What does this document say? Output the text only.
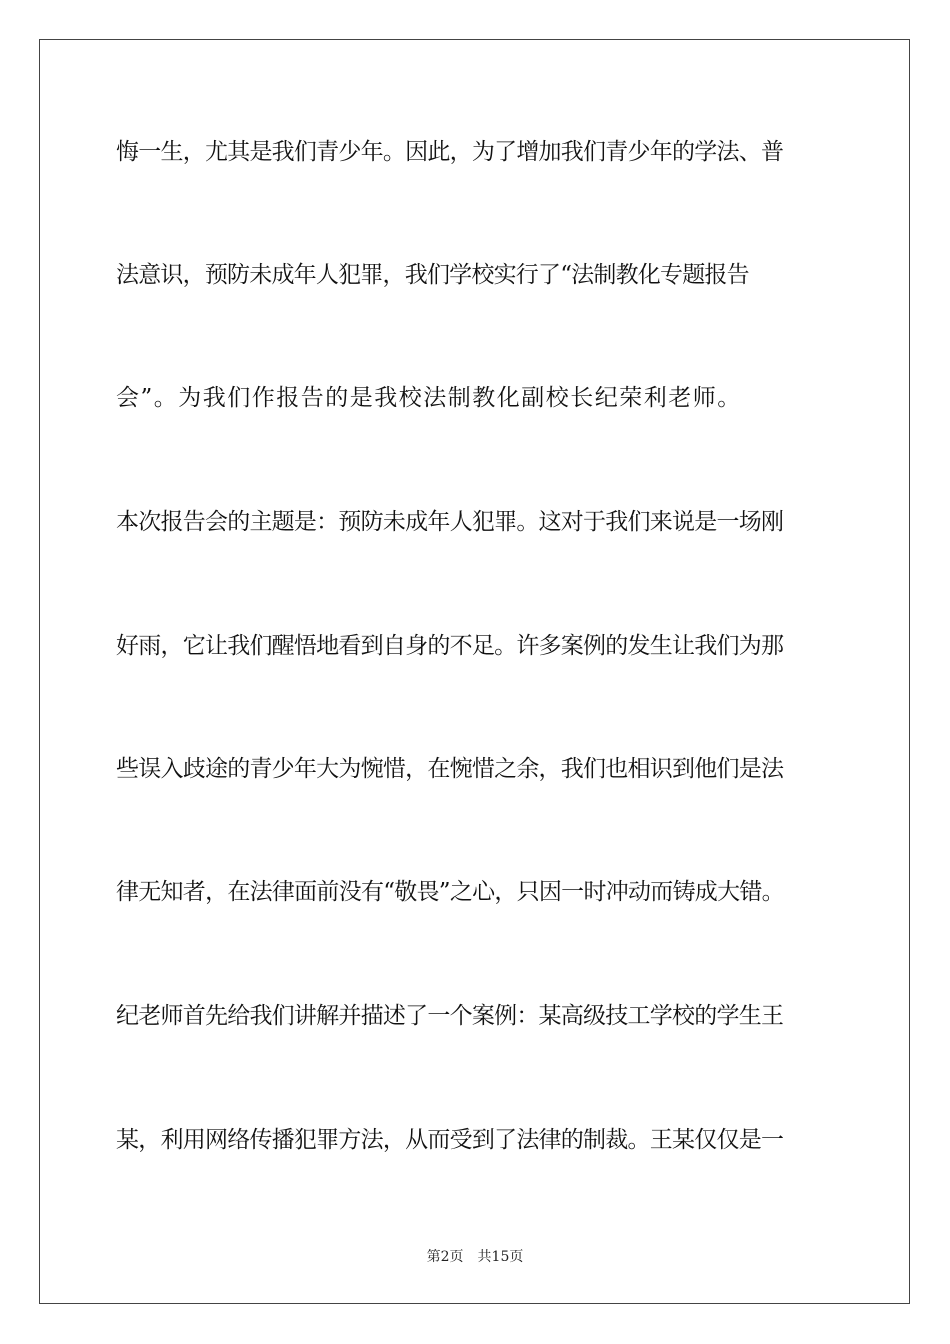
悔一生，尤其是我们青少年。因此，为了增加我们青少年的学法、普
法意识，预防未成年人犯罪，我们学校实行了“法制教化专题报告
会”。为我们作报告的是我校法制教化副校长纪荣利老师。
本次报告会的主题是：预防未成年人犯罪。这对于我们来说是一场刚
好雨，它让我们醒悟地看到自身的不足。许多案例的发生让我们为那
些误入歧途的青少年大为惋惜，在惋惜之余，我们也相识到他们是法
律无知者，在法律面前没有“敬畏”之心，只因一时冲动而铸成大错。
纪老师首先给我们讲解并描述了一个案例：某高级技工学校的学生王
某，利用网络传播犯罪方法，从而受到了法律的制裁。王某仅仅是一
第2页 共15页
